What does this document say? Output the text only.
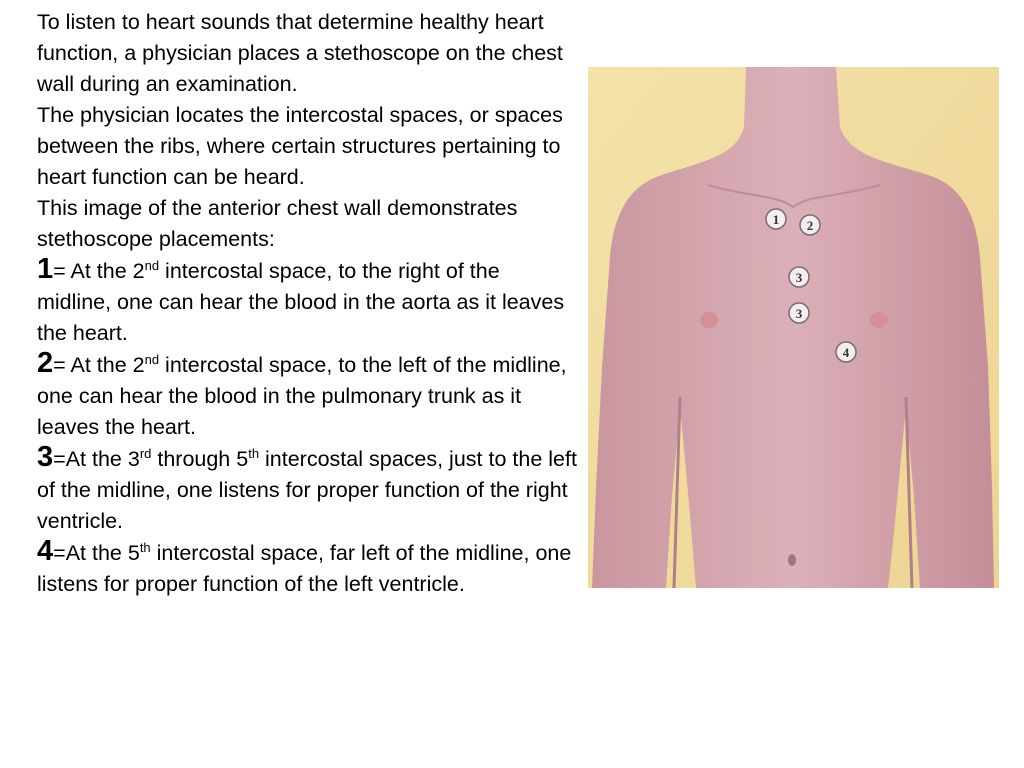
To listen to heart sounds that determine healthy heart function, a physician places a stethoscope on the chest wall during an examination.

The physician locates the intercostal spaces, or spaces between the ribs, where certain structures pertaining to heart function can be heard.

This image of the anterior chest wall demonstrates stethoscope placements:

1= At the 2nd intercostal space, to the right of the midline, one can hear the blood in the aorta as it leaves the heart.

2= At the 2nd intercostal space, to the left of the midline, one can hear the blood in the pulmonary trunk as it leaves the heart.

3=At the 3rd through 5th intercostal spaces, just to the left of the midline, one listens for proper function of the right ventricle.

4=At the 5th intercostal space, far left of the midline, one listens for proper function of the left ventricle.

1 2
3
3
4
